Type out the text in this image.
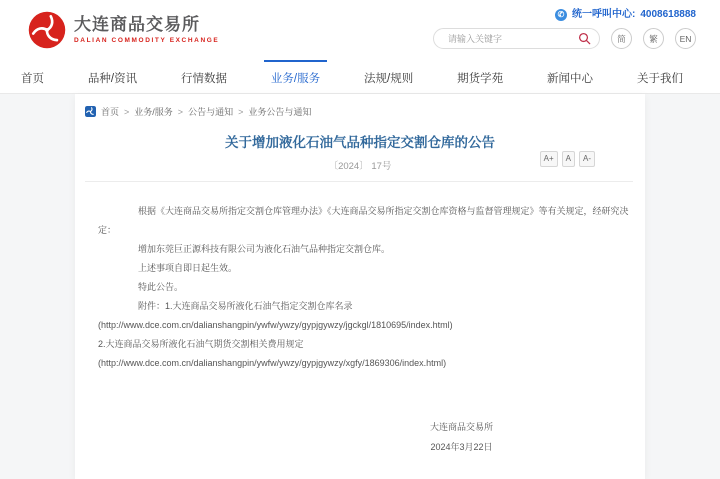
大连商品交易所
DALIAN COMMODITY EXCHANGE
✆ 统一呼叫中心: 4008618888
请输入关键字
简	繁	EN
首页	品种/资讯	行情数据	业务/服务	法规/规则	期货学苑	新闻中心	关于我们
首页 > 业务/服务 > 公告与通知 > 业务公告与通知
关于增加液化石油气品种指定交割仓库的公告
〔2024〕 17号
A+	A	A-

根据《大连商品交易所指定交割仓库管理办法》《大连商品交易所指定交割仓库资格与监督管理规定》等有关规定，经研究决定：

增加东莞巨正源科技有限公司为液化石油气品种指定交割仓库。

上述事项自即日起生效。

特此公告。

附件：1.大连商品交易所液化石油气指定交割仓库名录

(http://www.dce.com.cn/dalianshangpin/ywfw/ywzy/gypjgywzy/jgckgl/1810695/index.html)

2.大连商品交易所液化石油气期货交割相关费用规定

(http://www.dce.com.cn/dalianshangpin/ywfw/ywzy/gypjgywzy/xgfy/1869306/index.html)

大连商品交易所
2024年3月22日
